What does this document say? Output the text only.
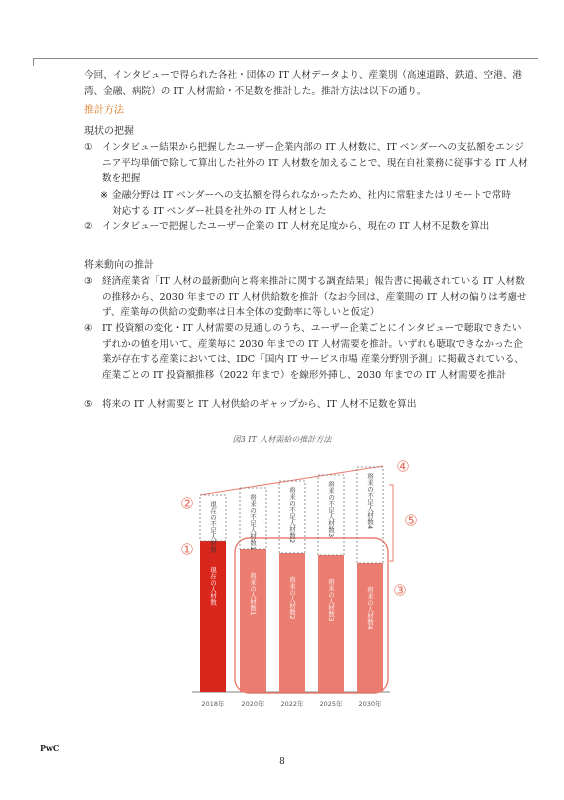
今回、インタビューで得られた各社・団体の IT 人材データより、産業別（高速道路、鉄道、空港、港湾、金融、病院）の IT 人材需給・不足数を推計した。推計方法は以下の通り。
推計方法
現状の把握
① インタビュー結果から把握したユーザー企業内部の IT 人材数に、IT ベンダーへの支払額をエンジニア平均単価で除して算出した社外の IT 人材数を加えることで、現在自社業務に従事する IT 人材数を把握
※ 金融分野は IT ベンダーへの支払額を得られなかったため、社内に常駐またはリモートで常時対応する IT ベンダー社員を社外の IT 人材とした
② インタビューで把握したユーザー企業の IT 人材充足度から、現在の IT 人材不足数を算出
将来動向の推計
③ 経済産業省「IT 人材の最新動向と将来推計に関する調査結果」報告書に掲載されている IT 人材数の推移から、2030 年までの IT 人材供給数を推計（なお今回は、産業間の IT 人材の偏りは考慮せず、産業毎の供給の変動率は日本全体の変動率に等しいと仮定）
④ IT 投資額の変化・IT 人材需要の見通しのうち、ユーザー企業ごとにインタビューで聴取できたいずれかの値を用いて、産業毎に 2030 年までの IT 人材需要を推計。いずれも聴取できなかった企業が存在する産業においては、IDC「国内 IT サービス市場 産業分野別予測」に掲載されている、産業ごとの IT 投資額推移（2022 年まで）を線形外挿し、2030 年までの IT 人材需要を推計
⑤ 将来の IT 人材需要と IT 人材供給のギャップから、IT 人材不足数を算出
図3 IT 人材需給の推計方法
現在の人材数
現在の不足人材数
将来の人材数1
将来の不足人材数1
将来の人材数2
将来の不足人材数2
将来の人材数3
将来の不足人材数3
将来の人材数4
将来の不足人材数4
2018年	2020年 2022年 2025年 2030年
①
②
③
④
⑤
PwC
8
